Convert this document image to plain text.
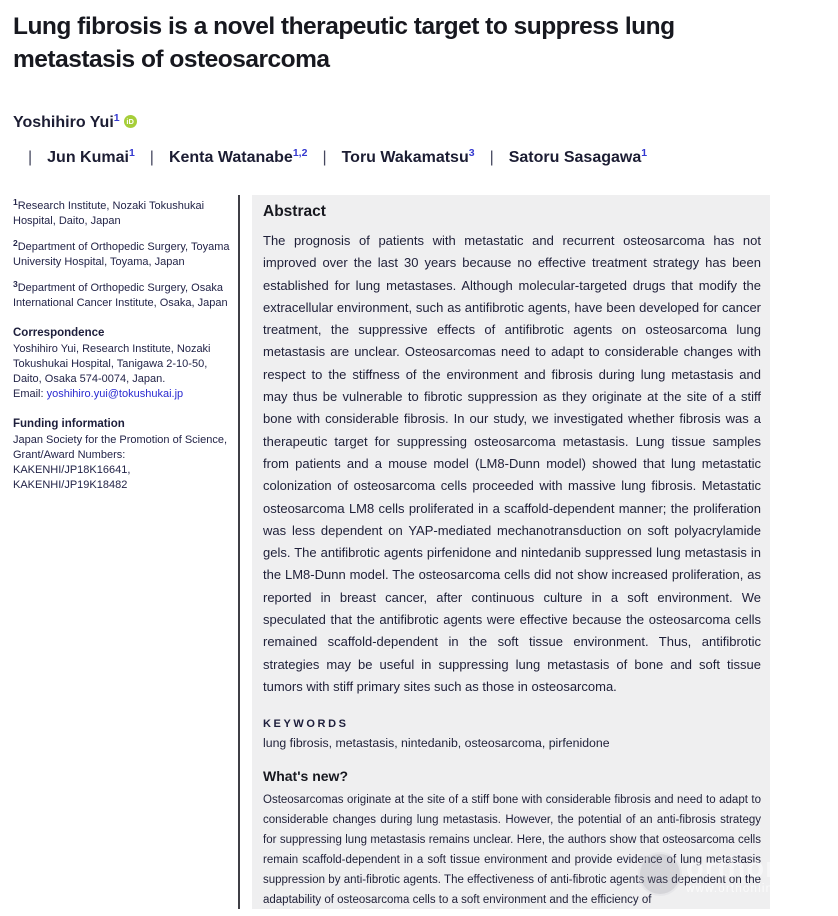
Lung fibrosis is a novel therapeutic target to suppress lung metastasis of osteosarcoma
Yoshihiro Yui$^1$ iD| Jun Kumai$^1$ | Kenta Watanabe$^{1,2}$ | Toru Wakamatsu$^3$ | Satoru Sasagawa$^1$

$^1$Research Institute, Nozaki Tokushukai Hospital, Daito, Japan

$^2$Department of Orthopedic Surgery, Toyama University Hospital, Toyama, Japan

$^3$Department of Orthopedic Surgery, Osaka International Cancer Institute, Osaka, Japan

Correspondence

Yoshihiro Yui, Research Institute, Nozaki Tokushukai Hospital, Tanigawa 2-10-50, Daito, Osaka 574-0074, Japan.

Email: yoshihiro.yui@tokushukai.jp

Funding information

Japan Society for the Promotion of Science, Grant/Award Numbers: KAKENHI/JP18K16641, KAKENHI/JP19K18482

Abstract

The prognosis of patients with metastatic and recurrent osteosarcoma has not improved over the last 30 years because no effective treatment strategy has been established for lung metastases. Although molecular-targeted drugs that modify the extracellular environment, such as antifibrotic agents, have been developed for cancer treatment, the suppressive effects of antifibrotic agents on osteosarcoma lung metastasis are unclear. Osteosarcomas need to adapt to considerable changes with respect to the stiffness of the environment and fibrosis during lung metastasis and may thus be vulnerable to fibrotic suppression as they originate at the site of a stiff bone with considerable fibrosis. In our study, we investigated whether fibrosis was a therapeutic target for suppressing osteosarcoma metastasis. Lung tissue samples from patients and a mouse model (LM8-Dunn model) showed that lung metastatic colonization of osteosarcoma cells proceeded with massive lung fibrosis. Metastatic osteosarcoma LM8 cells proliferated in a scaffold-dependent manner; the proliferation was less dependent on YAP-mediated mechanotransduction on soft polyacrylamide gels. The antifibrotic agents pirfenidone and nintedanib suppressed lung metastasis in the LM8-Dunn model. The osteosarcoma cells did not show increased proliferation, as reported in breast cancer, after continuous culture in a soft environment. We speculated that the antifibrotic agents were effective because the osteosarcoma cells remained scaffold-dependent in the soft tissue environment. Thus, antifibrotic strategies may be useful in suppressing lung metastasis of bone and soft tissue tumors with stiff primary sites such as those in osteosarcoma.

KEYWORDS

lung fibrosis, metastasis, nintedanib, osteosarcoma, pirfenidone

What's new?

Osteosarcomas originate at the site of a stiff bone with considerable fibrosis and need to adapt to considerable changes during lung metastasis. However, the potential of an anti-fibrosis strategy for suppressing lung metastasis remains unclear. Here, the authors show that osteosarcoma cells remain scaffold-dependent in a soft tissue environment and provide evidence of lung metastasis suppression by anti-fibrotic agents. The effectiveness of anti-fibrotic agents was dependent on the adaptability of osteosarcoma cells to a soft environment and the efficiency of

orthonline
www.orthonline.c
